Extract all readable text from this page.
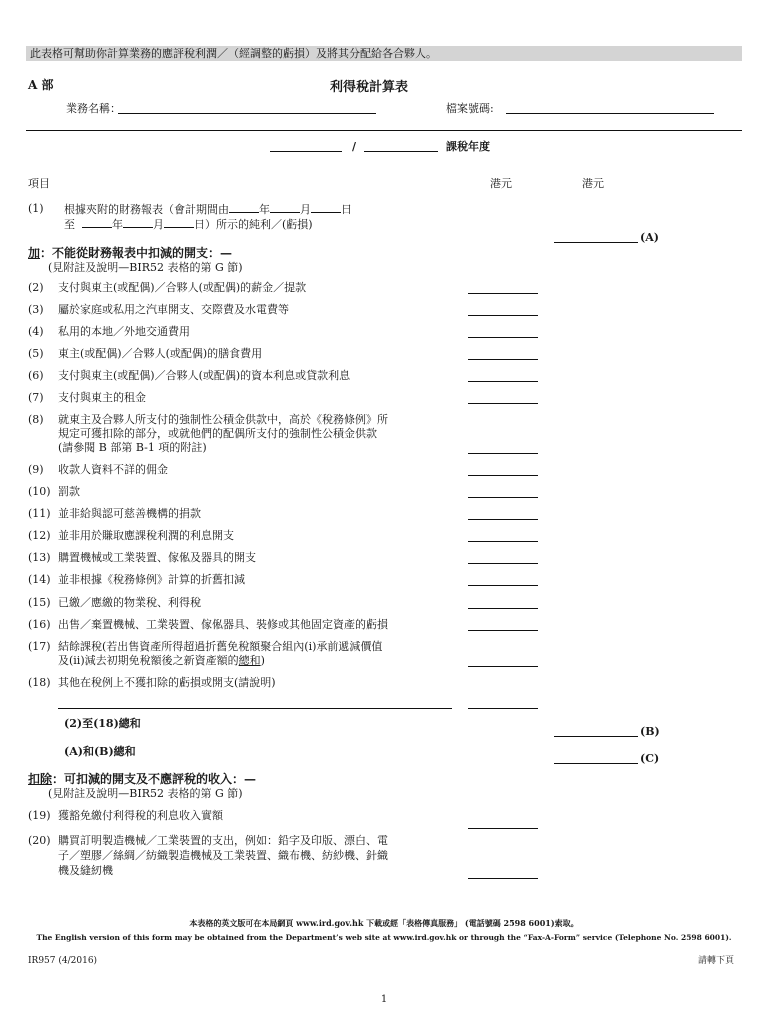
此表格可幫助你計算業務的應評稅利潤／（經調整的虧損）及將其分配給各合夥人。
A 部	利得稅計算表
業務名稱：	檔案號碼:
/	課稅年度
項目	港元	港元
(1) 根據夾附的財務報表（會計期間由	年	月	日
至	年	月	日）所示的純利／(虧損)
(A)
加：不能從財務報表中扣減的開支：—
(見附註及說明—BIR52 表格的第 G 節)
(2) 支付與東主(或配偶)／合夥人(或配偶)的薪金／提款
(3) 屬於家庭或私用之汽車開支、交際費及水電費等
(4) 私用的本地／外地交通費用
(5) 東主(或配偶)／合夥人(或配偶)的膳食費用
(6) 支付與東主(或配偶)／合夥人(或配偶)的資本利息或貸款利息
(7) 支付與東主的租金
(8) 就東主及合夥人所支付的強制性公積金供款中，高於《稅務條例》所
規定可獲扣除的部分，或就他們的配偶所支付的強制性公積金供款
(請參閱 B 部第 B-1 項的附註)
(9) 收款人資料不詳的佣金
(10) 罰款
(11) 並非給與認可慈善機構的捐款
(12) 並非用於賺取應課稅利潤的利息開支
(13) 購置機械或工業裝置、傢俬及器具的開支
(14) 並非根據《稅務條例》計算的折舊扣減
(15) 已繳／應繳的物業稅、利得稅
(16) 出售／棄置機械、工業裝置、傢俬器具、裝修或其他固定資產的虧損
(17) 結餘課稅(若出售資產所得超過折舊免稅額聚合組內(i)承前遞減價值
及(ii)減去初期免稅額後之新資產額的總和)
(18) 其他在稅例上不獲扣除的虧損或開支(請說明)
(2)至(18)總和
(B)
(A)和(B)總和
(C)
扣除：可扣減的開支及不應評稅的收入：—
(見附註及說明—BIR52 表格的第 G 節)
(19) 獲豁免繳付利得稅的利息收入實額
(20) 購買訂明製造機械／工業裝置的支出，例如：鉛字及印版、漂白、電
子／塑膠／絲綢／紡織製造機械及工業裝置、織布機、紡紗機、針織
機及縫紉機
本表格的英文版可在本局網頁 www.ird.gov.hk 下載或經「表格傳真服務」 (電話號碼 2598 6001)索取。
The English version of this form may be obtained from the Department’s web site at www.ird.gov.hk or through the “Fax-A-Form” service (Telephone No. 2598 6001).
IR957 (4/2016)	請轉下頁
1
